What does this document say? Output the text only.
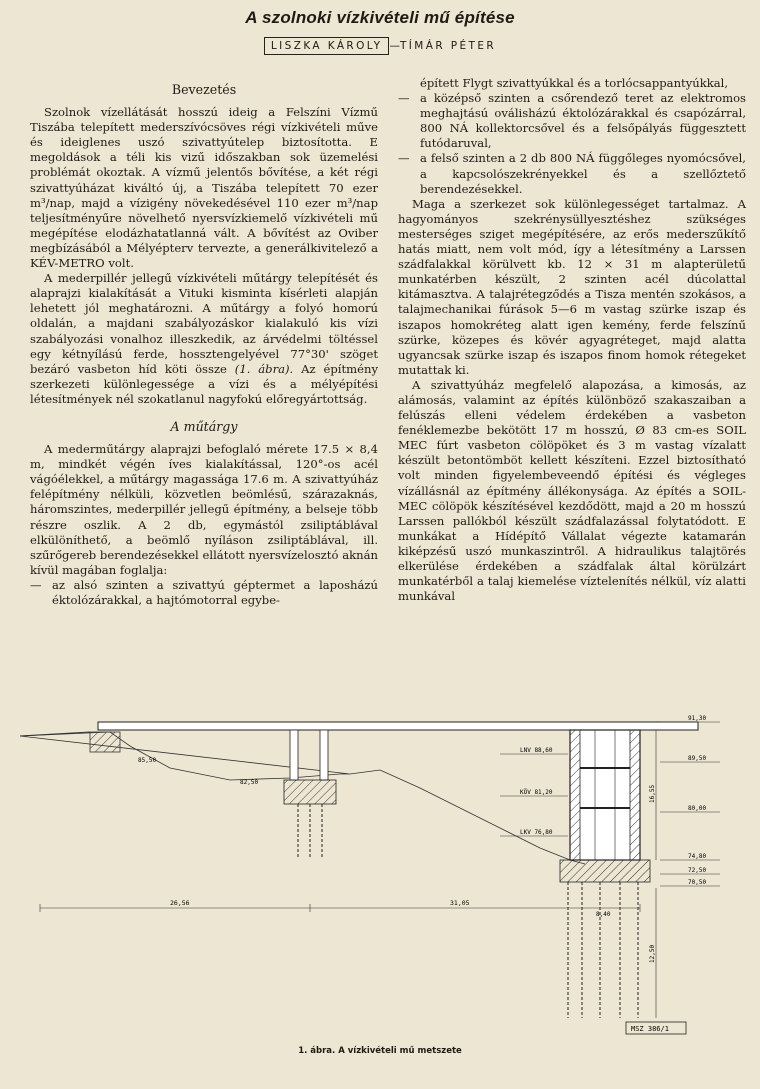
A szolnoki vízkivételi mű építése
LISZKA KÁROLY —TÍMÁR PÉTER
Bevezetés

Szolnok vízellátását hosszú ideig a Felszíni Vízmű Tiszába telepített mederszívócsöves régi vízkivételi műve és ideiglenes uszó szivattyútelep biztosította. E megoldások a téli kis vizű időszakban sok üzemelési problémát okoztak. A vízmű jelentős bővítése, a két régi szivattyúházat kiváltó új, a Tiszába telepített 70 ezer m³/nap, majd a vízigény növekedésével 110 ezer m³/nap teljesítményűre növelhető nyersvízkiemelő vízkivételi mű megépítése elodázhatatlanná vált. A bővítést az Oviber megbízásából a Mélyépterv tervezte, a generálkivitelező a KÉV-METRO volt.

A mederpillér jellegű vízkivételi műtárgy telepítését és alaprajzi kialakítását a Vituki kisminta kísérleti alapján lehetett jól meghatározni. A műtárgy a folyó homorú oldalán, a majdani szabályozáskor kialakuló kis vízi szabályozási vonalhoz illeszkedik, az árvédelmi töltéssel egy kétnyílású ferde, hossztengelyével 77°30' szöget bezáró vasbeton híd köti össze (1. ábra). Az építmény szerkezeti különlegessége a vízi és a mélyépítési létesítmények nél szokatlanul nagyfokú előregyártottság.

A műtárgy

A mederműtárgy alaprajzi befoglaló mérete 17.5 × 8,4 m, mindkét végén íves kialakítással, 120°-os acél vágóélekkel, a műtárgy magassága 17.6 m. A szivattyúház felépítmény nélküli, közvetlen beömlésű, szárazaknás, háromszintes, mederpillér jellegű építmény, a belseje több részre oszlik. A 2 db, egymástól zsiliptáblával elkülöníthető, a beömlő nyíláson zsiliptáblával, ill. szűrőgereb berendezésekkel ellátott nyersvízelosztó aknán kívül magában foglalja:

— az alsó szinten a szivattyú géptermet a laposházú éktolózárakkal, a hajtómotorral egybe-

épített Flygt szivattyúkkal és a torlócsappantyúkkal,

— a középső szinten a csőrendező teret az elektromos meghajtású oválisházú éktolózárakkal és csapózárral, 800 NÁ kollektorcsővel és a felsőpályás függesztett futódaruval,
— a felső szinten a 2 db 800 NÁ függőleges nyomócsővel, a kapcsolószekrényekkel és a szellőztető berendezésekkel.

Maga a szerkezet sok különlegességet tartalmaz. A hagyományos szekrénysüllyesztéshez szükséges mesterséges sziget megépítésére, az erős mederszűkítő hatás miatt, nem volt mód, így a létesítmény a Larssen szádfalakkal körülvett kb. 12 × 31 m alapterületű munkatérben készült, 2 szinten acél dúcolattal kitámasztva. A talajrétegződés a Tisza mentén szokásos, a talajmechanikai fúrások 5—6 m vastag szürke iszap és iszapos homokréteg alatt igen kemény, ferde felszínű szürke, közepes és kövér agyagréteget, majd alatta ugyancsak szürke iszap és iszapos finom homok rétegeket mutattak ki.

A szivattyúház megfelelő alapozása, a kimosás, az alámosás, valamint az építés különböző szakaszaiban a felúszás elleni védelem érdekében a vasbeton fenéklemezbe bekötött 17 m hosszú, Ø 83 cm-es SOIL MEC fúrt vasbeton cölöpöket és 3 m vastag vízalatt készült betontömböt kellett készíteni. Ezzel biztosítható volt minden figyelembeveendő építési és végleges vízállásnál az építmény állékonysága. Az építés a SOIL-MEC cölöpök készítésével kezdődött, majd a 20 m hosszú Larssen pallókból készült szádfalazással folytatódott. E munkákat a Hídépítő Vállalat végezte katamarán kiképzésű uszó munkaszintről. A hidraulikus talajtörés elkerülése érdekében a szádfalak által körülzárt munkatérből a talaj kiemelése víztelenítés nélkül, víz alatti munkával

LNV 88,60
KÖV 81,20
LKV 76,80
85,50
82,50
91,30
89,50
80,00
74,80
72,50
70,50
26,56	31,05
16,55
12,50
8,40
MSZ 386/1
1. ábra. A vízkivételi mű metszete
